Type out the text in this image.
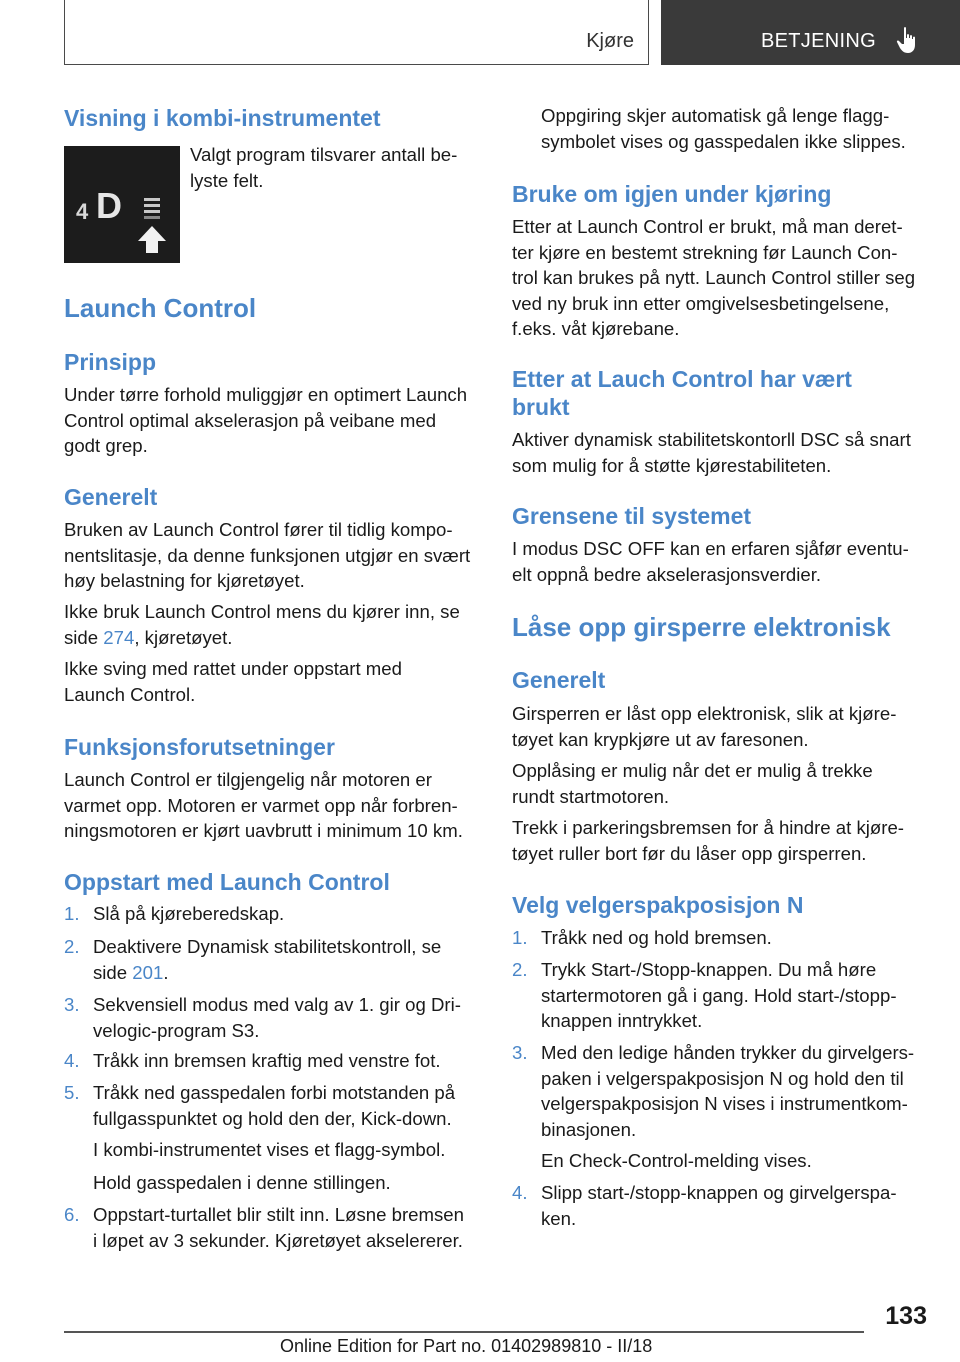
Kjøre	BETJENING
Visning i kombi-instrumentet
4 D
Valgt program tilsvarer antall be-
lyste felt.
Launch Control
Prinsipp
Under tørre forhold muliggjør en optimert Launch
Control optimal akselerasjon på veibane med
godt grep.
Generelt
Bruken av Launch Control fører til tidlig kompo-
nentslitasje, da denne funksjonen utgjør en svært
høy belastning for kjøretøyet.
Ikke bruk Launch Control mens du kjører inn, se
side 274, kjøretøyet.
Ikke sving med rattet under oppstart med
Launch Control.
Funksjonsforutsetninger
Launch Control er tilgjengelig når motoren er
varmet opp. Motoren er varmet opp når forbren-
ningsmotoren er kjørt uavbrutt i minimum 10 km.
Oppstart med Launch Control
1. Slå på kjøreberedskap.
2. Deaktivere Dynamisk stabilitetskontroll, se
side 201.
3. Sekvensiell modus med valg av 1. gir og Dri-
velogic-program S3.
4. Tråkk inn bremsen kraftig med venstre fot.
5. Tråkk ned gasspedalen forbi motstanden på
fullgasspunktet og hold den der, Kick-down.
I kombi-instrumentet vises et flagg-symbol.
Hold gasspedalen i denne stillingen.
6. Oppstart-turtallet blir stilt inn. Løsne bremsen
i løpet av 3 sekunder. Kjøretøyet akselererer.
Oppgiring skjer automatisk gå lenge flagg-
symbolet vises og gasspedalen ikke slippes.
Bruke om igjen under kjøring
Etter at Launch Control er brukt, må man deret-
ter kjøre en bestemt strekning før Launch Con-
trol kan brukes på nytt. Launch Control stiller seg
ved ny bruk inn etter omgivelsesbetingelsene,
f.eks. våt kjørebane.
Etter at Lauch Control har vært
brukt
Aktiver dynamisk stabilitetskontorll DSC så snart
som mulig for å støtte kjørestabiliteten.
Grensene til systemet
I modus DSC OFF kan en erfaren sjåfør eventu-
elt oppnå bedre akselerasjonsverdier.
Låse opp girsperre elektronisk
Generelt
Girsperren er låst opp elektronisk, slik at kjøre-
tøyet kan krypkjøre ut av faresonen.
Opplåsing er mulig når det er mulig å trekke
rundt startmotoren.
Trekk i parkeringsbremsen for å hindre at kjøre-
tøyet ruller bort før du låser opp girsperren.
Velg velgerspakposisjon N
1. Tråkk ned og hold bremsen.
2. Trykk Start-/Stopp-knappen. Du må høre
startermotoren gå i gang. Hold start-/stopp-
knappen inntrykket.
3. Med den ledige hånden trykker du girvelgers-
paken i velgerspakposisjon N og hold den til
velgerspakposisjon N vises i instrumentkom-
binasjonen.
En Check-Control-melding vises.
4. Slipp start-/stopp-knappen og girvelgerspa-
ken.
133
Online Edition for Part no. 01402989810 - II/18
